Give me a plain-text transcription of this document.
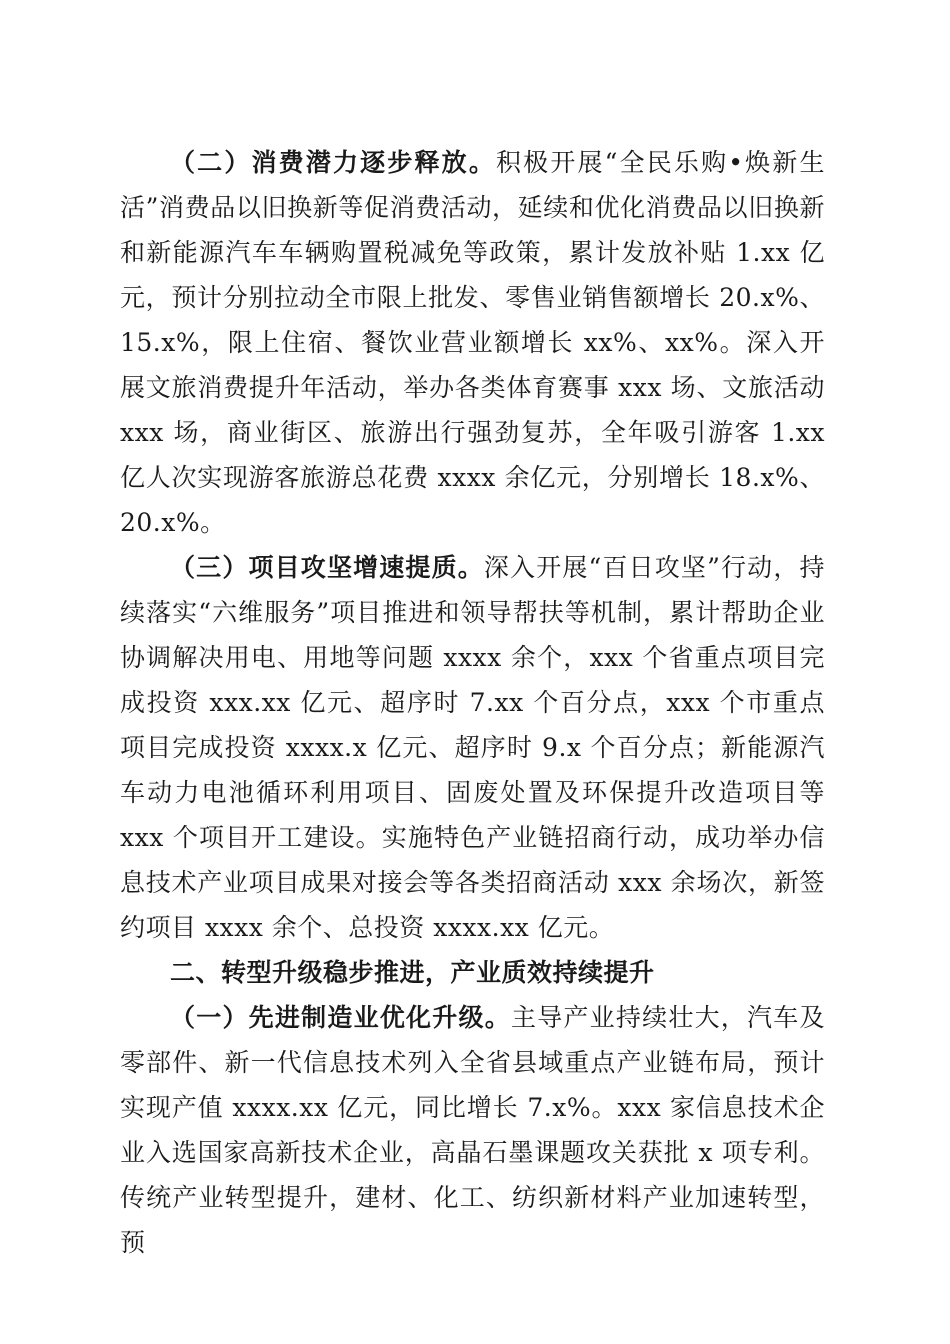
（二）消费潜力逐步释放。积极开展“全民乐购•焕新生活”消费品以旧换新等促消费活动，延续和优化消费品以旧换新和新能源汽车车辆购置税减免等政策，累计发放补贴 1.xx 亿元，预计分别拉动全市限上批发、零售业销售额增长 20.x%、15.x%，限上住宿、餐饮业营业额增长 xx%、xx%。深入开展文旅消费提升年活动，举办各类体育赛事 xxx 场、文旅活动 xxx 场，商业街区、旅游出行强劲复苏，全年吸引游客 1.xx 亿人次实现游客旅游总花费 xxxx 余亿元，分别增长 18.x%、20.x%。

（三）项目攻坚增速提质。深入开展“百日攻坚”行动，持续落实“六维服务”项目推进和领导帮扶等机制，累计帮助企业协调解决用电、用地等问题 xxxx 余个，xxx 个省重点项目完成投资 xxx.xx 亿元、超序时 7.xx 个百分点，xxx 个市重点项目完成投资 xxxx.x 亿元、超序时 9.x 个百分点；新能源汽车动力电池循环利用项目、固废处置及环保提升改造项目等 xxx 个项目开工建设。实施特色产业链招商行动，成功举办信息技术产业项目成果对接会等各类招商活动 xxx 余场次，新签约项目 xxxx 余个、总投资 xxxx.xx 亿元。

二、转型升级稳步推进，产业质效持续提升

（一）先进制造业优化升级。主导产业持续壮大，汽车及零部件、新一代信息技术列入全省县域重点产业链布局，预计实现产值 xxxx.xx 亿元，同比增长 7.x%。xxx 家信息技术企业入选国家高新技术企业，高晶石墨课题攻关获批 x 项专利。传统产业转型提升，建材、化工、纺织新材料产业加速转型，预
